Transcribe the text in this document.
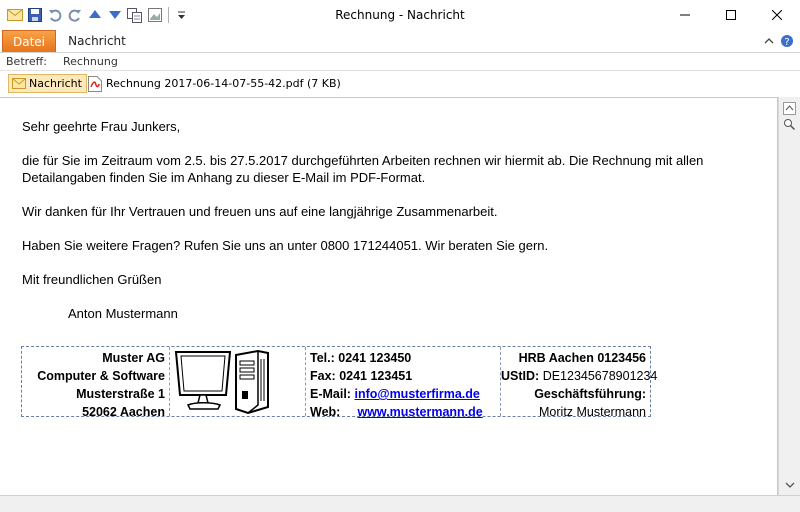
Rechnung - Nachricht
Datei	Nachricht	?
Betreff: Rechnung
Nachricht Rechnung 2017-06-14-07-55-42.pdf (7 KB)

Sehr geehrte Frau Junkers,

die für Sie im Zeitraum vom 2.5. bis 27.5.2017 durchgeführten Arbeiten rechnen wir hiermit ab. Die Rechnung mit allen Detailangaben finden Sie im Anhang zu dieser E-Mail im PDF-Format.

Wir danken für Ihr Vertrauen und freuen uns auf eine langjährige Zusammenarbeit.

Haben Sie weitere Fragen? Rufen Sie uns an unter 0800 171244051. Wir beraten Sie gern.

Mit freundlichen Grüßen

Anton Mustermann

Muster AG
Computer & Software
Musterstraße 1
52062 Aachen
Tel.: 0241 123450
Fax: 0241 123451
E-Mail: info@musterfirma.de
Web: www.mustermann.de
HRB Aachen 0123456
UStID: DE12345678901234
Geschäftsführung:
Moritz Mustermann
